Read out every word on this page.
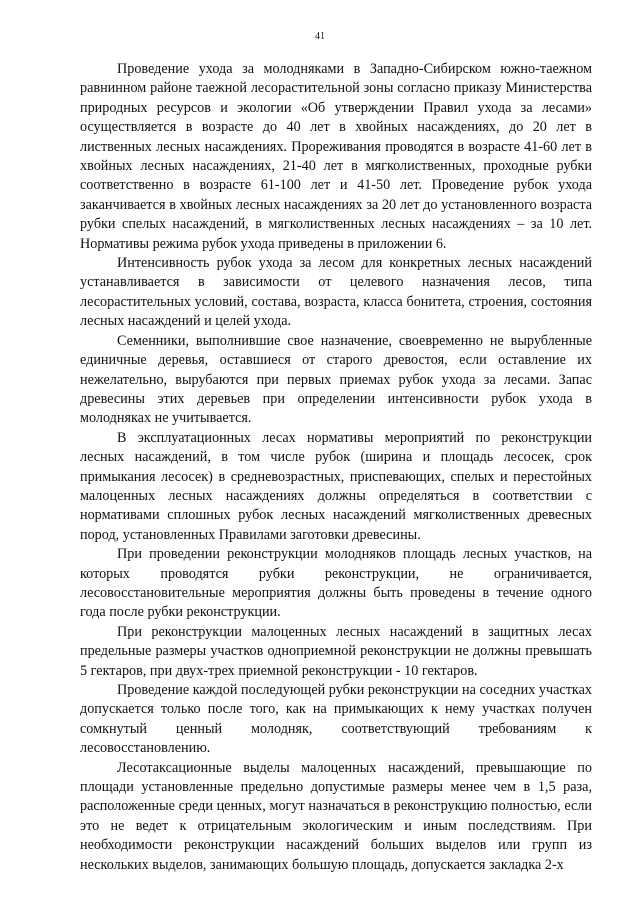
41

Проведение ухода за молодняками в Западно-Сибирском южно-таежном равнинном районе таежной лесорастительной зоны согласно приказу Министерства природных ресурсов и экологии «Об утверждении Правил ухода за лесами» осуществляется в возрасте до 40 лет в хвойных насаждениях, до 20 лет в лиственных лесных насаждениях. Прореживания проводятся в возрасте 41-60 лет в хвойных лесных насаждениях, 21-40 лет в мягколиственных, проходные рубки соответственно в возрасте 61-100 лет и 41-50 лет. Проведение рубок ухода заканчивается в хвойных лесных насаждениях за 20 лет до установленного возраста рубки спелых насаждений, в мягколиственных лесных насаждениях – за 10 лет. Нормативы режима рубок ухода приведены в приложении 6.

Интенсивность рубок ухода за лесом для конкретных лесных насаждений устанавливается в зависимости от целевого назначения лесов, типа лесорастительных условий, состава, возраста, класса бонитета, строения, состояния лесных насаждений и целей ухода.

Семенники, выполнившие свое назначение, своевременно не вырубленные единичные деревья, оставшиеся от старого древостоя, если оставление их нежелательно, вырубаются при первых приемах рубок ухода за лесами. Запас древесины этих деревьев при определении интенсивности рубок ухода в молодняках не учитывается.

В эксплуатационных лесах нормативы мероприятий по реконструкции лесных насаждений, в том числе рубок (ширина и площадь лесосек, срок примыкания лесосек) в средневозрастных, приспевающих, спелых и перестойных малоценных лесных насаждениях должны определяться в соответствии с нормативами сплошных рубок лесных насаждений мягколиственных древесных пород, установленных Правилами заготовки древесины.

При проведении реконструкции молодняков площадь лесных участков, на которых проводятся рубки реконструкции, не ограничивается, лесовосстановительные мероприятия должны быть проведены в течение одного года после рубки реконструкции.

При реконструкции малоценных лесных насаждений в защитных лесах предельные размеры участков одноприемной реконструкции не должны превышать 5 гектаров, при двух-трех приемной реконструкции - 10 гектаров.

Проведение каждой последующей рубки реконструкции на соседних участках допускается только после того, как на примыкающих к нему участках получен сомкнутый ценный молодняк, соответствующий требованиям к лесовосстановлению.

Лесотаксационные выделы малоценных насаждений, превышающие по площади установленные предельно допустимые размеры менее чем в 1,5 раза, расположенные среди ценных, могут назначаться в реконструкцию полностью, если это не ведет к отрицательным экологическим и иным последствиям. При необходимости реконструкции насаждений больших выделов или групп из нескольких выделов, занимающих большую площадь, допускается закладка 2-х
